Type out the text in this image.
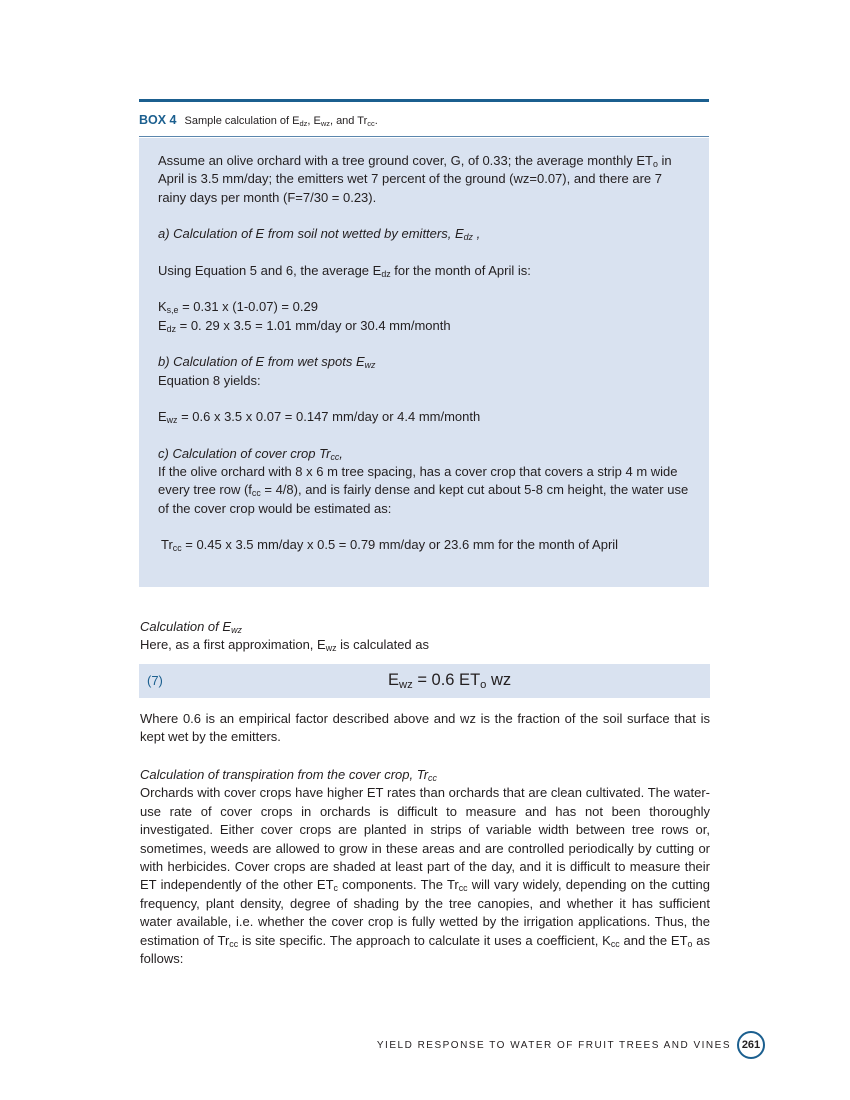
BOX 4 Sample calculation of $E_{dz}$, $E_{wz}$, and $Tr_{cc}$.

Assume an olive orchard with a tree ground cover, G, of 0.33; the average monthly $ET_o$ in April is 3.5 mm/day; the emitters wet 7 percent of the ground (wz=0.07), and there are 7 rainy days per month (F=7/30 = 0.23).

a) Calculation of E from soil not wetted by emitters, $E_{dz}$ ,

Using Equation 5 and 6, the average $E_{dz}$ for the month of April is:

$K_{s,e} = 0.31$ x (1-0.07) = 0.29

$E_{dz} = 0$. 29 x 3.5 = 1.01 mm/day or 30.4 mm/month

b) Calculation of E from wet spots $E_{wz}$

Equation 8 yields:

$E_{wz} = 0.6$ x 3.5 x 0.07 = 0.147 mm/day or 4.4 mm/month

c) Calculation of cover crop $Tr_{cc}$,

If the olive orchard with 8 x 6 m tree spacing, has a cover crop that covers a strip 4 m wide every tree row $(f_{cc} = 4/8)$, and is fairly dense and kept cut about 5-8 cm height, the water use of the cover crop would be estimated as:

$Tr_{cc} = 0.45$ x 3.5 mm/day x 0.5 = 0.79 mm/day or 23.6 mm for the month of April

Calculation of $E_{wz}$

Here, as a first approximation, $E_{wz}$ is calculated as

(7)	$E_{wz} = 0.6$ $ET_o$ wz

Where 0.6 is an empirical factor described above and wz is the fraction of the soil surface that is kept wet by the emitters.

Calculation of transpiration from the cover crop, $Tr_{cc}$

Orchards with cover crops have higher ET rates than orchards that are clean cultivated. The water-use rate of cover crops in orchards is difficult to measure and has not been thoroughly investigated. Either cover crops are planted in strips of variable width between tree rows or, sometimes, weeds are allowed to grow in these areas and are controlled periodically by cutting or with herbicides. Cover crops are shaded at least part of the day, and it is difficult to measure their ET independently of the other $ET_c$ components. The $Tr_{cc}$ will vary widely, depending on the cutting frequency, plant density, degree of shading by the tree canopies, and whether it has sufficient water available, i.e. whether the cover crop is fully wetted by the irrigation applications. Thus, the estimation of $Tr_{cc}$ is site specific. The approach to calculate it uses a coefficient, $K_{cc}$ and the $ET_o$ as follows:

YIELD RESPONSE TO WATER OF FRUIT TREES AND VINES 261
